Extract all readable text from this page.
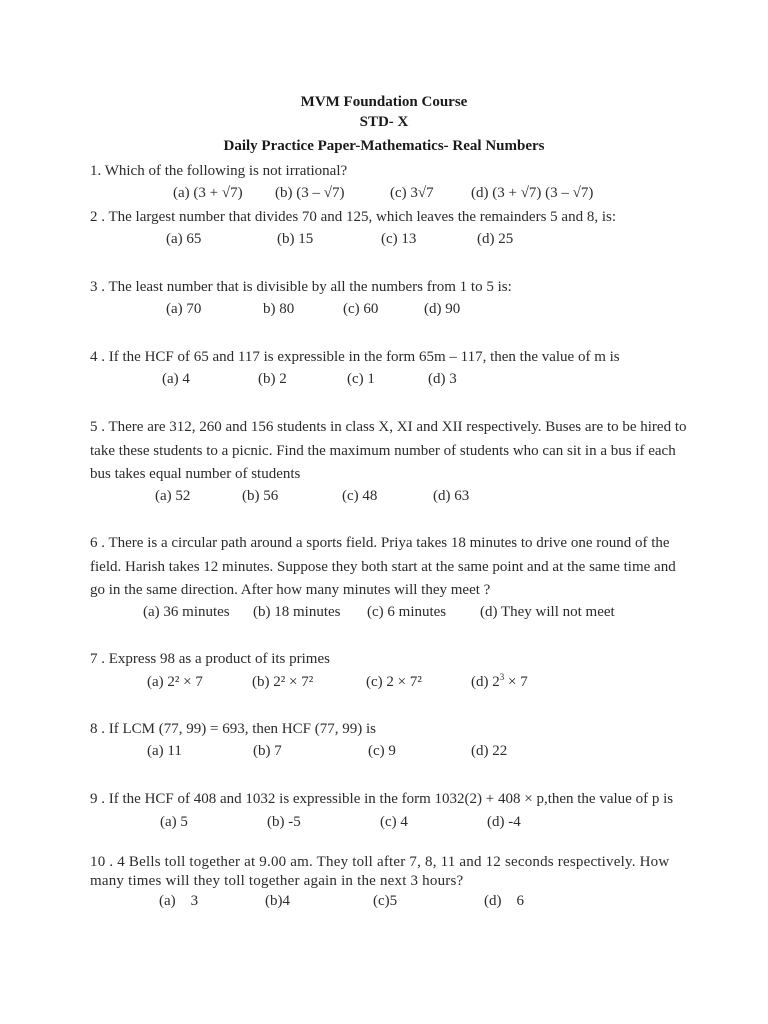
MVM Foundation Course
STD- X
Daily Practice Paper-Mathematics- Real Numbers
1. Which of the following is not irrational?
(a) (3 + √7) (b) (3 – √7)	(c) 3√7 (d) (3 + √7) (3 – √7)
2 . The largest number that divides 70 and 125, which leaves the remainders 5 and 8, is:
(a) 65	(b) 15	(c) 13	(d) 25
3 . The least number that is divisible by all the numbers from 1 to 5 is:
(a) 70	b) 80	(c) 60	(d) 90
4 . If the HCF of 65 and 117 is expressible in the form 65m – 117, then the value of m is
(a) 4	(b) 2	(c) 1	(d) 3
5 . There are 312, 260 and 156 students in class X, XI and XII respectively. Buses are to be hired to take these students to a picnic. Find the maximum number of students who can sit in a bus if each bus takes equal number of students
(a) 52	(b) 56	(c) 48	(d) 63
6 . There is a circular path around a sports field. Priya takes 18 minutes to drive one round of the field. Harish takes 12 minutes. Suppose they both start at the same point and at the same time and go in the same direction. After how many minutes will they meet ?
(a) 36 minutes (b) 18 minutes (c) 6 minutes (d) They will not meet
7 . Express 98 as a product of its primes
(a) 2² × 7	(b) 2² × 7²	(c) 2 × 7²	(d) $2^3 \times 7$
8 . If LCM (77, 99) = 693, then HCF (77, 99) is
(a) 11	(b) 7	(c) 9	(d) 22
9 . If the HCF of 408 and 1032 is expressible in the form 1032(2) + 408 × p,then the value of p is
(a) 5	(b) -5	(c) 4	(d) -4
10 . 4 Bells toll together at 9.00 am. They toll after 7, 8, 11 and 12 seconds respectively. How many times will they toll together again in the next 3 hours?
(a)    3	(b)4	(c)5	(d)    6
